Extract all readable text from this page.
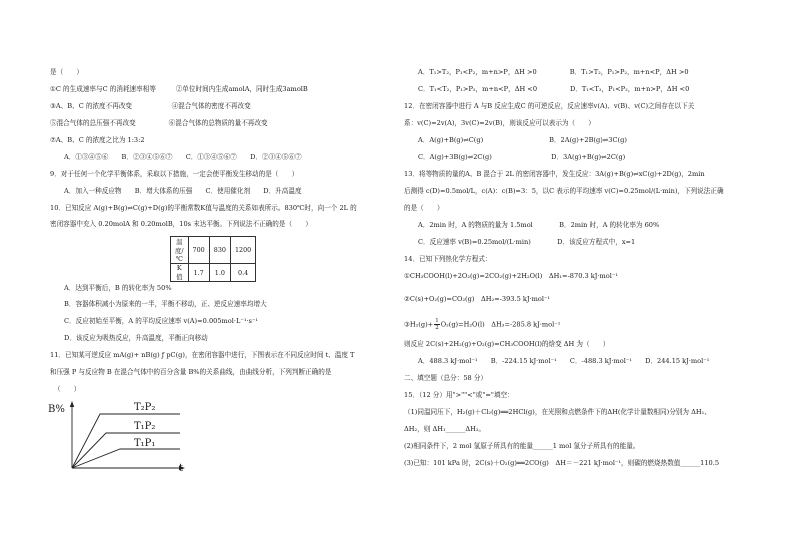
是（　　）
①C 的生成速率与C 的消耗速率相等　　　②单位时间内生成amolA，同时生成3amolB
③A、B、C 的浓度不再改变　　　　　　④混合气体的密度不再改变
⑤混合气体的总压强不再改变　　　　　⑥混合气体的总物质的量不再改变
⑦A、B、C 的浓度之比为 1:3:2
A．①③④⑤⑥　　B．②③④⑤⑥⑦　　C．①③④⑤⑥⑦　　D．②③④⑤⑥⑦
9．对于任何一个化学平衡体系，采取以下措施，一定会使平衡发生移动的是（　　）
A．加入一种反应物　　B．增大体系的压强　　C．使用催化剂　　D．升高温度
10．已知反应 A(g)+B(g)⇌C(g)+D(g)的平衡常数K值与温度的关系如表所示。830℃时，向一个 2L 的
密闭容器中充入 0.20molA 和 0.20molB，10s 末达平衡。下列说法不正确的是（　　）
温度/℃	700	830	1200
K 值	1.7	1.0	0.4
A．达到平衡后，B 的转化率为 50%
B．容器体积减小为原来的一半，平衡不移动，正、逆反应速率均增大
C．反应初始至平衡，A 的平均反应速率 v(A)=0.005mol·L⁻¹·s⁻¹
D．该反应为吸热反应，升高温度，平衡正向移动
11．已知某可逆反应 mA(g)+ nB(g) ƒ pC(g)，在密闭容器中进行，下图表示在不同反应时间 t、温度 T
和压强 P 与反应物 B 在混合气体中的百分含量 B%的关系曲线，由曲线分析，下列判断正确的是
（　　）
B%
t
T₂P₂
T₁P₂
T₁P₁
A．T₁>T₂，P₁<P₂，m+n>P，ΔH >0　　　　　B．T₁>T₂，P₁>P₂，m+n<P，ΔH >0
C．T₁<T₂，P₁>P₂，m+n<P，ΔH <0　　　　　D．T₁<T₂，P₁<P₂，m+n>P，ΔH <0
12．在密闭容器中进行 A 与B 反应生成C 的可逆反应，反应速率v(A)、v(B)、v(C)之间存在以下关
系：v(C)=2v(A)，3v(C)=2v(B)，则该反应可以表示为（　　）
A．A(g)+B(g)⇌C(g)　　　　　　　　　　B．2A(g)+2B(g)⇌3C(g)
C．A(g)+3B(g)⇌2C(g)　　　　　　　　　D．3A(g)+B(g)⇌2C(g)
13．将等物质的量的A、B 混合于 2L 的密闭容器中，发生反应：3A(g)+B(g)⇌xC(g)+2D(g)，2min
后测得 c(D)=0.5mol/L，c(A)：c(B)=3：5，以C 表示的平均速率 v(C)=0.25mol/(L·min)，下列说法正确
的是（　　）
A．2min 时，A 的物质的量为 1.5mol　　　　B．2min 时，A 的转化率为 60%
C．反应速率 v(B)=0.25mol/(L·min)　　　　D．该反应方程式中，x=1
14．已知下列热化学方程式：
①CH₃COOH(l)+2O₂(g)=2CO₂(g)+2H₂O(l)　ΔH₁=-870.3 kJ·mol⁻¹
②C(s)+O₂(g)=CO₂(g)　ΔH₂=-393.5 kJ·mol⁻¹
③H₂(g)+ $\frac{1}{2} O_2(g)=H_2O(l)$　ΔH₃=-285.8 kJ·mol⁻¹
则反应 2C(s)+2H₂(g)+O₂(g)=CH₃COOH(l)的焓变 ΔH 为（　　）
A．488.3 kJ·mol⁻¹　　B．-224.15 kJ·mol⁻¹　　C．-488.3 kJ·mol⁻¹　　D．244.15 kJ·mol⁻¹
二、填空题（总分：58 分）
15．（12 分）用">""<"或"="填空：
（1)同温同压下，H₂(g)＋Cl₂(g)══2HCl(g)，在光照和点燃条件下的ΔH(化学计量数相同)分别为 ΔH₁、
ΔH₂，则 ΔH₁______ΔH₂。
(2)相同条件下，2 mol 氢原子所具有的能量______1 mol 氢分子所具有的能量。
(3)已知：101 kPa 时，2C(s)＋O₂(g)══2CO(g)　ΔH＝－221 kJ·mol⁻¹，则碳的燃烧热数值______110.5
